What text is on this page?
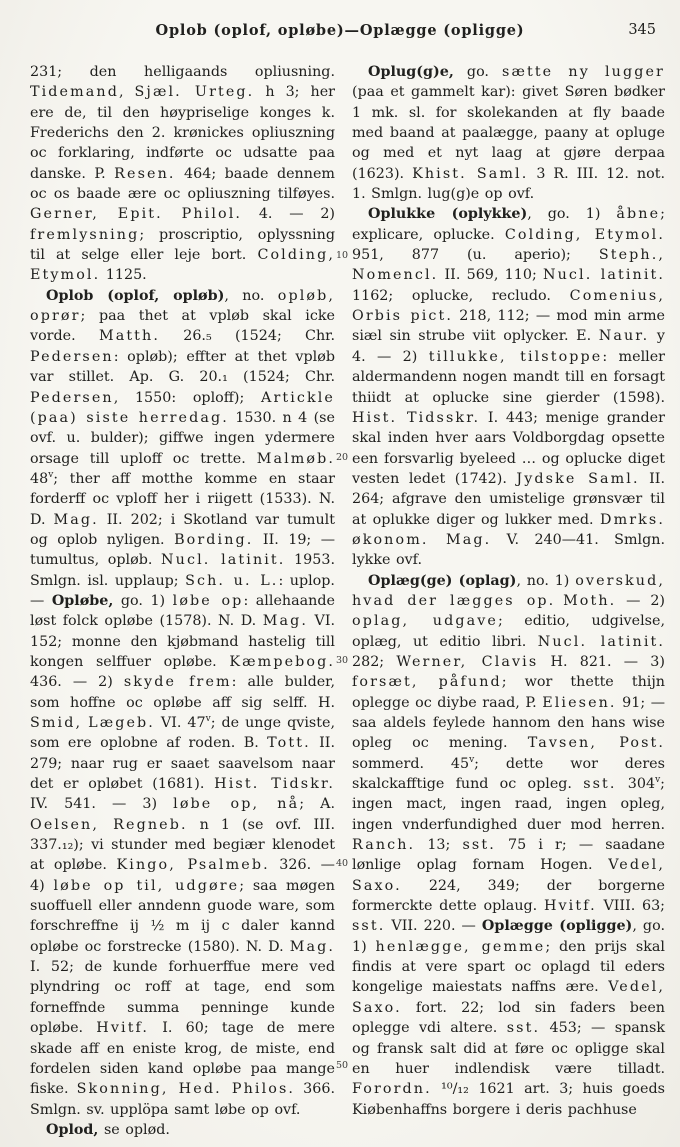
Oplob (oplof, opløbe)—Oplægge (opligge)	345

231; den helligaands opliusning. Tidemand, Sjæl. Urteg. h 3; her ere de, til den høypriselige konges k. Frederichs den 2. krønickes opliuszning oc forklaring, indførte oc udsatte paa danske. P. Resen. 464; baade dennem oc os baade ære oc opliuszning tilføyes. Gerner, Epit. Philol. 4. — 2) fremlysning; proscriptio, oplyssning til at selge eller leje bort. Colding, Etymol. 1125.

Oplob (oplof, opløb), no. opløb, oprør; paa thet at vpløb skal icke vorde. Matth. 26.₅ (1524; Chr. Pedersen: opløb); effter at thet vpløb var stillet. Ap. G. 20.₁ (1524; Chr. Pedersen, 1550: oploff); Artickle (paa) siste herredag. 1530. n 4 (se ovf. u. bulder); giffwe ingen ydermere orsage till uploff oc trette. Malmøb. 48$^v$; ther aff motthe komme en staar forderff oc vploff her i riigett (1533). N. D. Mag. II. 202; i Skotland var tumult og oplob nyligen. Bording. II. 19; — tumultus, opløb. Nucl. latinit. 1953. Smlgn. isl. upplaup; Sch. u. L.: uplop. — Opløbe, go. 1) løbe op: allehaande løst folck opløbe (1578). N. D. Mag. VI. 152; monne den kjøbmand hastelig till kongen selffuer opløbe. Kæmpebog. 436. — 2) skyde frem: alle bulder, som hoffne oc opløbe aff sig selff. H. Smid, Lægeb. VI. 47$^v$; de unge qviste, som ere oplobne af roden. B. Tott. II. 279; naar rug er saaet saavelsom naar det er opløbet (1681). Hist. Tidskr. IV. 541. — 3) løbe op, nå; A. Oelsen, Regneb. n 1 (se ovf. III. 337.₁₂); vi stunder med begiær klenodet at opløbe. Kingo, Psalmeb. 326. — 4) løbe op til, udgøre; saa møgen suoffuell eller anndenn guode ware, som forschreffne ij ½ m ij c daler kannd opløbe oc forstrecke (1580). N. D. Mag. I. 52; de kunde forhuerffue mere ved plyndring oc roff at tage, end som forneffnde summa penninge kunde opløbe. Hvitf. I. 60; tage de mere skade aff en eniste krog, de miste, end fordelen siden kand opløbe paa mange fiske. Skonning, Hed. Philos. 366. Smlgn. sv. upplöpa samt løbe op ovf.

Oplod, se oplød.

Oplug(g)e, go. sætte ny lugger (paa et gammelt kar): givet Søren bødker 1 mk. sl. for skolekanden at fly baade med baand at paalægge, paany at opluge og med et nyt laag at gjøre derpaa (1623). Khist. Saml. 3 R. III. 12. not. 1. Smlgn. lug(g)e op ovf.

Oplukke (oplykke), go. 1) åbne; explicare, oplucke. Colding, Etymol. 951, 877 (u. aperio); Steph., Nomencl. II. 569, 110; Nucl. latinit. 1162; oplucke, recludo. Comenius, Orbis pict. 218, 112; — mod min arme siæl sin strube viit oplycker. E. Naur. y 4. — 2) tillukke, tilstoppe: meller aldermandenn nogen mandt till en forsagt thiidt at oplucke sine gierder (1598). Hist. Tidsskr. I. 443; menige grander skal inden hver aars Voldborgdag opsette een forsvarlig byeleed … og oplucke diget vesten ledet (1742). Jydske Saml. II. 264; afgrave den umistelige grønsvær til at oplukke diger og lukker med. Dmrks. økonom. Mag. V. 240—41. Smlgn. lykke ovf.

Oplæg(ge) (oplag), no. 1) overskud, hvad der lægges op. Moth. — 2) oplag, udgave; editio, udgivelse, oplæg, ut editio libri. Nucl. latinit. 282; Werner, Clavis H. 821. — 3) forsæt, påfund; wor thette thijn oplegge oc diybe raad, P. Eliesen. 91; — saa aldels feylede hannom den hans wise opleg oc mening. Tavsen, Post. sommerd. 45$^v$; dette wor deres skalckafftige fund oc opleg. sst. 304$^v$; ingen mact, ingen raad, ingen opleg, ingen vnderfundighed duer mod herren. Ranch. 13; sst. 75 i r; — saadane lønlige oplag fornam Hogen. Vedel, Saxo. 224, 349; der borgerne formerckte dette oplaug. Hvitf. VIII. 63; sst. VII. 220. — Oplægge (opligge), go. 1) henlægge, gemme; den prijs skal findis at vere spart oc oplagd til eders kongelige maiestats naffns ære. Vedel, Saxo. fort. 22; lod sin faders been oplegge vdi altere. sst. 453; — spansk og fransk salt did at føre oc opligge skal en huer indlendisk være tilladt. Forordn. ¹⁰/₁₂ 1621 art. 3; huis goeds Kiøbenhaffns borgere i deris pachhuse

10
20
30
40
50
